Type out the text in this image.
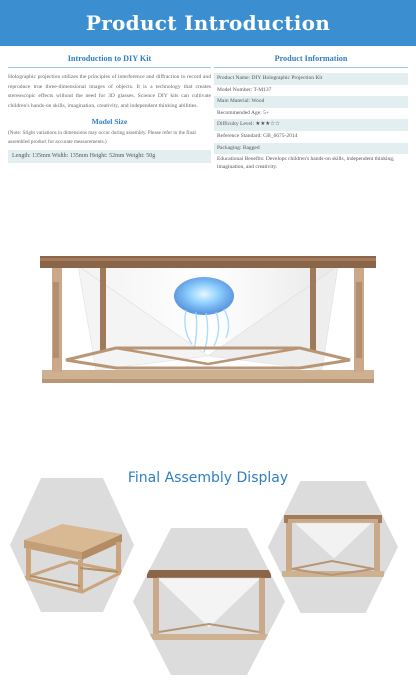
Product Introduction
Introduction to DIY Kit
Holographic projection utilizes the principles of interference and diffraction to record and reproduce true three-dimensional images of objects. It is a technology that creates stereoscopic effects without the need for 3D glasses. Science DIY kits can cultivate children's hands-on skills, imagination, creativity, and independent thinking abilities.
Model Size
(Note: Slight variations in dimensions may occur during assembly. Please refer to the final assembled product for accurate measurements.)
Length: 135mm Width: 135mm Height: 52mm Weight: 50g
Product Information
Product Name: DIY Holographic Projection Kit
Model Number: T-M137
Main Material: Wood
Recommended Age: 5+
Difficulty Level: ★★★☆☆
Reference Standard: GB_6675-2014
Packaging: Bagged
Educational Benefits: Develops children's hands-on skills, independent thinking, imagination, and creativity.
Final Assembly Display
